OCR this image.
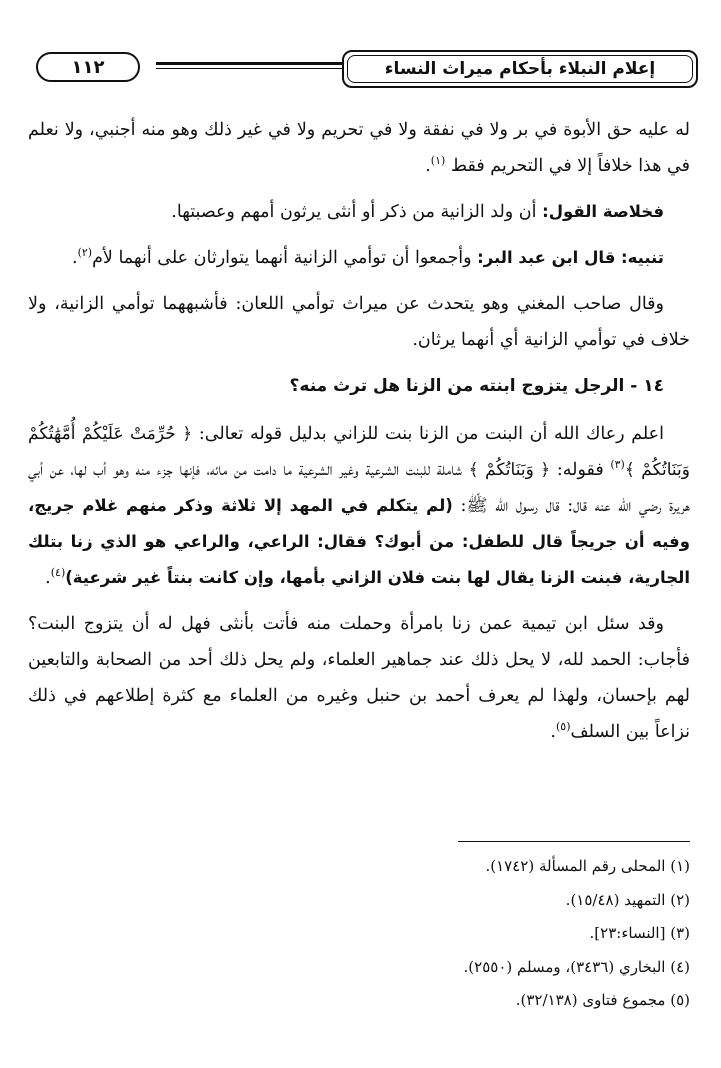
١١٢	إعلام النبلاء بأحكام ميراث النساء

له عليه حق الأبوة في بر ولا في نفقة ولا في تحريم ولا في غير ذلك وهو منه أجنبي، ولا نعلم في هذا خلافاً إلا في التحريم فقط $^{(١)}$.

فخلاصة القول: أن ولد الزانية من ذكر أو أنثى يرثون أمهم وعصبتها.

تنبيه: قال ابن عبد البر: وأجمعوا أن توأمي الزانية أنهما يتوارثان على أنهما لأم$^{(٢)}$.

وقال صاحب المغني وهو يتحدث عن ميراث توأمي اللعان: فأشبههما توأمي الزانية، ولا خلاف في توأمي الزانية أي أنهما يرثان.

١٤ - الرجل يتزوج ابنته من الزنا هل ترث منه؟

اعلم رعاك الله أن البنت من الزنا بنت للزاني بدليل قوله تعالى: ﴿ حُرِّمَتْ عَلَيْكُمْ أُمَّهَٰتُكُمْ وَبَنَاتُكُمْ ﴾$^{(٣)}$ فقوله: ﴿ وَبَنَاتُكُمْ ﴾ شاملة للبنت الشرعية وغير الشرعية ما دامت من مائه، فإنها جزء منه وهو أب لها، عن أبي هريرة رضي الله عنه قال: قال رسول الله ﷺ: (لم يتكلم في المهد إلا ثلاثة وذكر منهم غلام جريج، وفيه أن جريجاً قال للطفل: من أبوك؟ فقال: الراعي، والراعي هو الذي زنا بتلك الجارية، فبنت الزنا يقال لها بنت فلان الزاني بأمها، وإن كانت بنتاً غير شرعية)$^{(٤)}$.

وقد سئل ابن تيمية عمن زنا بامرأة وحملت منه فأتت بأنثى فهل له أن يتزوج البنت؟ فأجاب: الحمد لله، لا يحل ذلك عند جماهير العلماء، ولم يحل ذلك أحد من الصحابة والتابعين لهم بإحسان، ولهذا لم يعرف أحمد بن حنبل وغيره من العلماء مع كثرة إطلاعهم في ذلك نزاعاً بين السلف$^{(٥)}$.

(١) المحلى رقم المسألة (١٧٤٢).

(٢) التمهيد (١٥/٤٨).

(٣) [النساء:٢٣].

(٤) البخاري (٣٤٣٦)، ومسلم (٢٥٥٠).

(٥) مجموع فتاوى (٣٢/١٣٨).
